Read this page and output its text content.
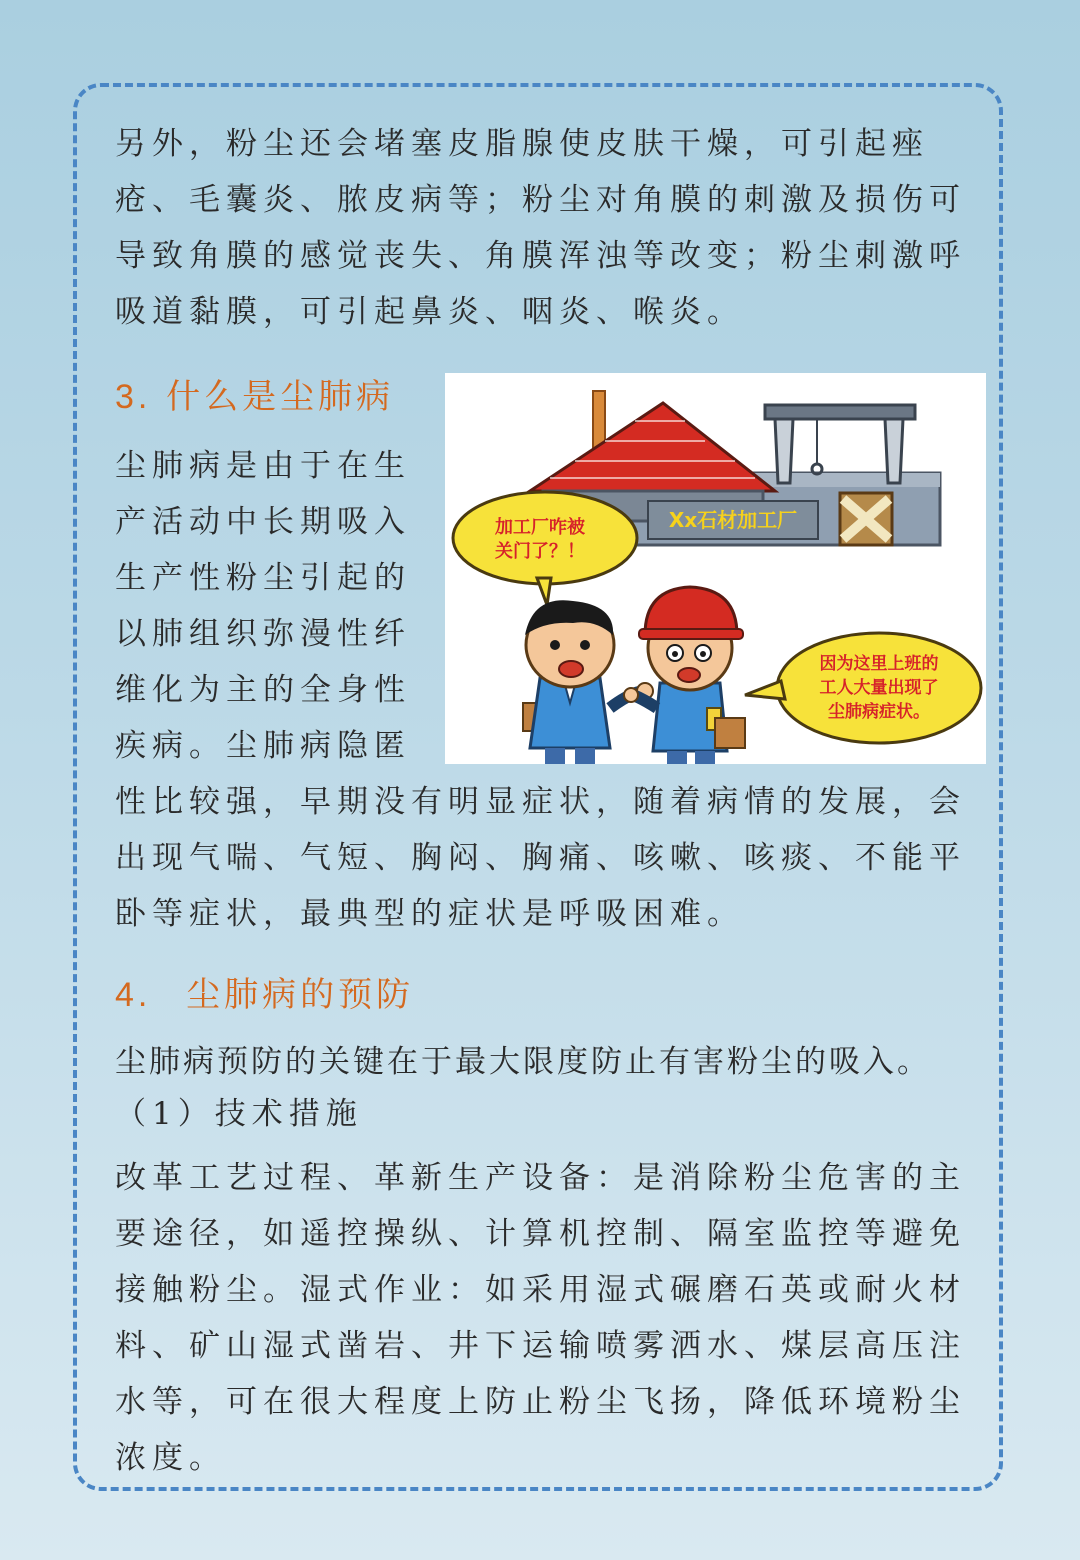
另外，粉尘还会堵塞皮脂腺使皮肤干燥，可引起痤疮、毛囊炎、脓皮病等；粉尘对角膜的刺激及损伤可导致角膜的感觉丧失、角膜浑浊等改变；粉尘刺激呼吸道黏膜，可引起鼻炎、咽炎、喉炎。

3. 什么是尘肺病
尘肺病是由于在生
产活动中长期吸入
生产性粉尘引起的
以肺组织弥漫性纤
维化为主的全身性
疾病。尘肺病隐匿
Xx石材加工厂
加工厂咋被
关门了？！
因为这里上班的
工人大量出现了
尘肺病症状。

性比较强，早期没有明显症状，随着病情的发展，会出现气喘、气短、胸闷、胸痛、咳嗽、咳痰、不能平卧等症状，最典型的症状是呼吸困难。

4. 尘肺病的预防

尘肺病预防的关键在于最大限度防止有害粉尘的吸入。

（1）技术措施

改革工艺过程、革新生产设备：是消除粉尘危害的主要途径，如遥控操纵、计算机控制、隔室监控等避免接触粉尘。湿式作业：如采用湿式碾磨石英或耐火材料、矿山湿式凿岩、井下运输喷雾洒水、煤层高压注水等，可在很大程度上防止粉尘飞扬，降低环境粉尘浓度。
